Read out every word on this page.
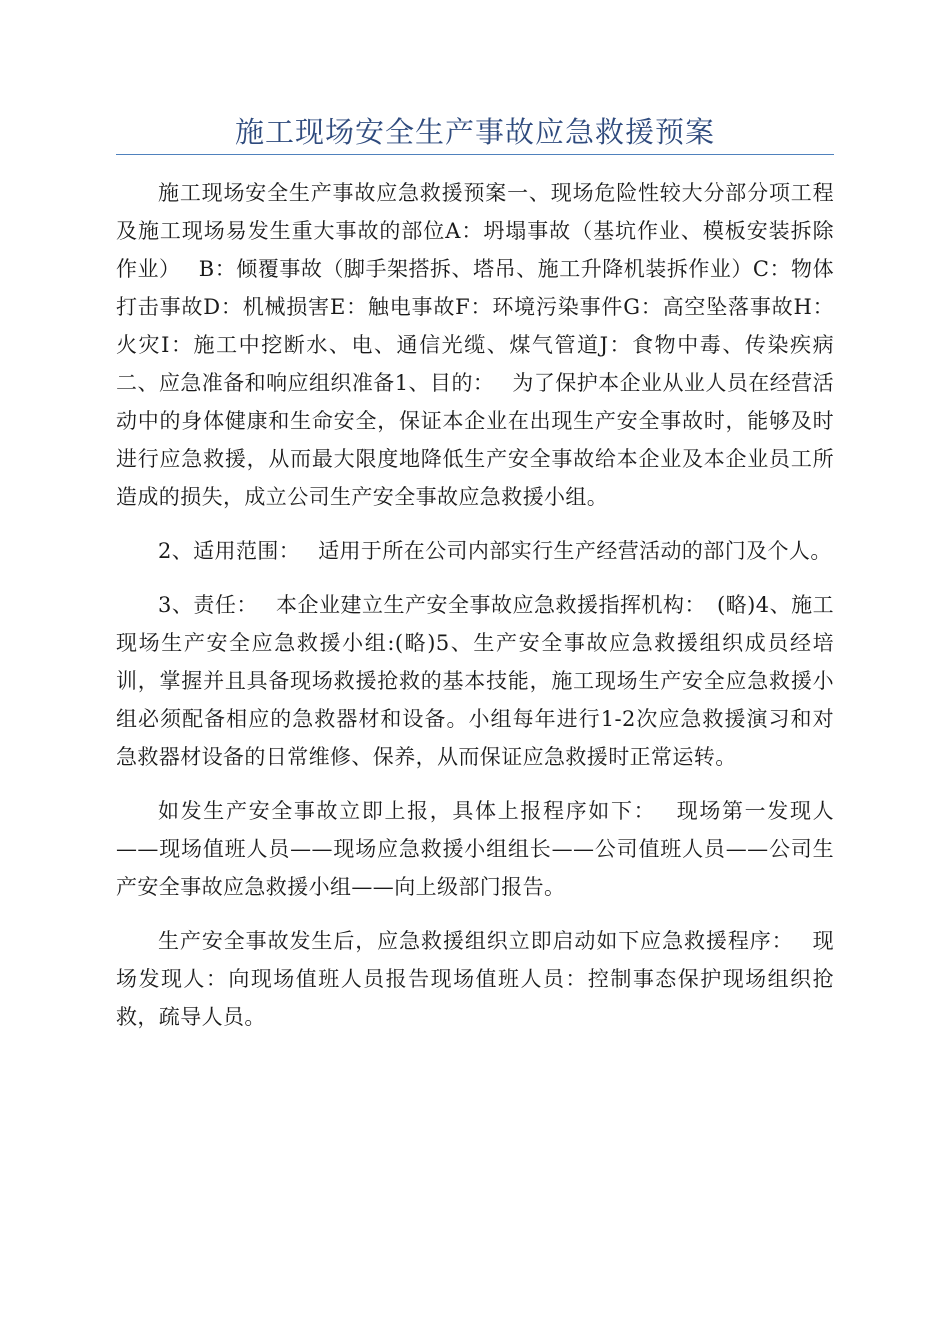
施工现场安全生产事故应急救援预案

施工现场安全生产事故应急救援预案一、现场危险性较大分部分项工程及施工现场易发生重大事故的部位A：坍塌事故（基坑作业、模板安装拆除作业）　 B：倾覆事故（脚手架搭拆、塔吊、施工升降机装拆作业）C：物体打击事故D：机械损害E：触电事故F：环境污染事件G：高空坠落事故H：火灾I：施工中挖断水、电、通信光缆、煤气管道J：食物中毒、传染疾病二、应急准备和响应组织准备1、目的：　 为了保护本企业从业人员在经营活动中的身体健康和生命安全，保证本企业在出现生产安全事故时，能够及时进行应急救援，从而最大限度地降低生产安全事故给本企业及本企业员工所造成的损失，成立公司生产安全事故应急救援小组。

2、适用范围：　 适用于所在公司内部实行生产经营活动的部门及个人。

3、责任：　 本企业建立生产安全事故应急救援指挥机构：　(略)4、施工现场生产安全应急救援小组:(略)5、生产安全事故应急救援组织成员经培训，掌握并且具备现场救援抢救的基本技能，施工现场生产安全应急救援小组必须配备相应的急救器材和设备。小组每年进行1-2次应急救援演习和对急救器材设备的日常维修、保养，从而保证应急救援时正常运转。

如发生产安全事故立即上报，具体上报程序如下：　 现场第一发现人——现场值班人员——现场应急救援小组组长——公司值班人员——公司生产安全事故应急救援小组——向上级部门报告。

生产安全事故发生后，应急救援组织立即启动如下应急救援程序：　 现场发现人：向现场值班人员报告现场值班人员：控制事态保护现场组织抢救，疏导人员。
